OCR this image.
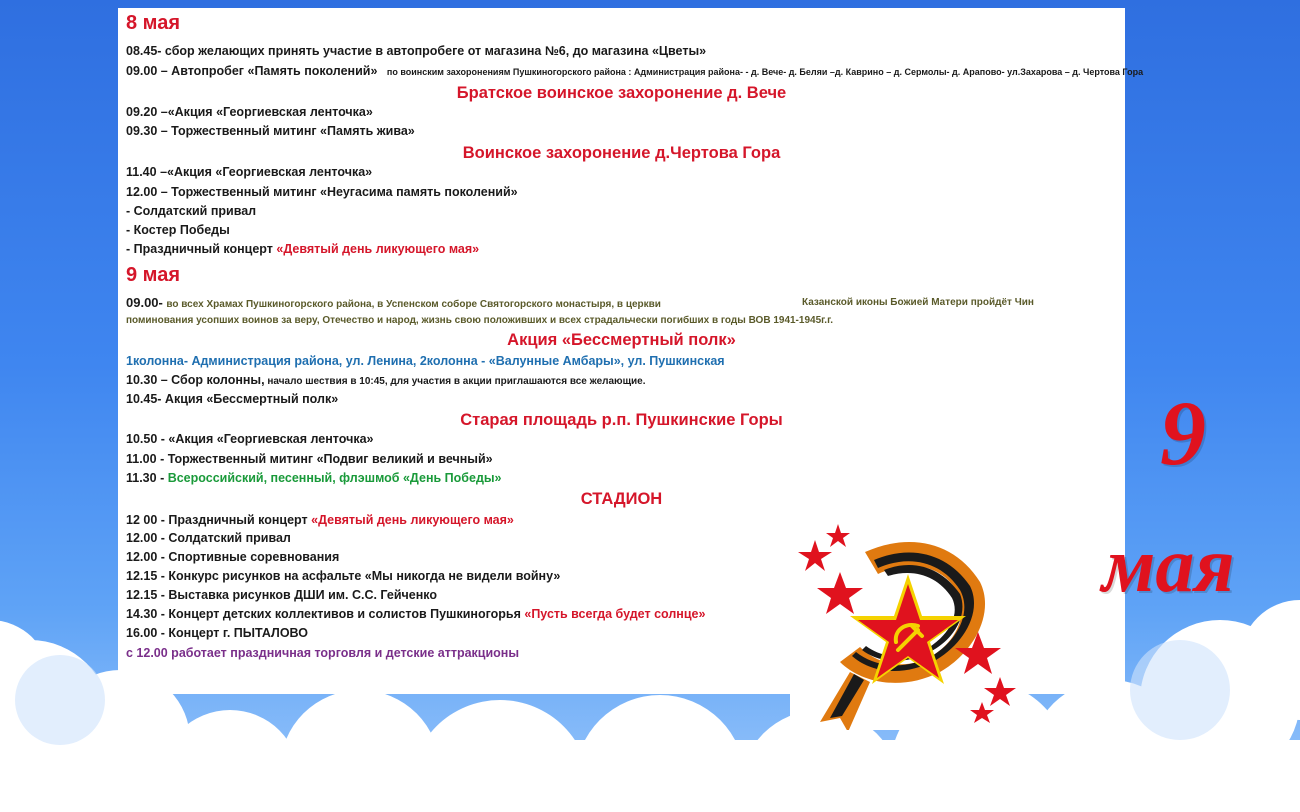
8 мая
08.45- сбор желающих принять участие в автопробеге от магазина №6, до магазина «Цветы»
09.00 – Автопробег «Память поколений» по воинским захоронениям Пушкиногорского района : Администрация района- - д. Вече- д. Беляи –д. Каврино – д. Сермолы- д. Арапово- ул.Захарова – д. Чертова Гора
Братское воинское захоронение д. Вече
09.20 –«Акция «Георгиевская ленточка»
09.30 – Торжественный митинг «Память жива»
Воинское захоронение д.Чертова Гора
11.40 –«Акция «Георгиевская ленточка»
12.00 – Торжественный митинг «Неугасима память поколений»
- Солдатский привал
- Костер Победы
- Праздничный концерт «Девятый день ликующего мая»
9 мая
09.00- во всех Храмах Пушкиногорского района, в Успенском соборе Святогорского монастыря, в церкви	Казанской иконы Божией Матери пройдёт Чин
поминования усопших воинов за веру, Отечество и народ, жизнь свою положивших и всех страдальчески погибших в годы ВОВ 1941-1945г.г.
Акция «Бессмертный полк»
1колонна- Администрация района, ул. Ленина, 2колонна - «Валунные Амбары», ул. Пушкинская
10.30 – Сбор колонны, начало шествия в 10:45, для участия в акции приглашаются все желающие.
10.45- Акция «Бессмертный полк»
Старая площадь р.п. Пушкинские Горы
10.50 - «Акция «Георгиевская ленточка»
11.00 - Торжественный митинг «Подвиг великий и вечный»
11.30 - Всероссийский, песенный, флэшмоб «День Победы»
СТАДИОН
12 00 - Праздничный концерт «Девятый день ликующего мая»
12.00 - Солдатский привал
12.00 - Спортивные соревнования
12.15 - Конкурс рисунков на асфальте «Мы никогда не видели войну»
12.15 - Выставка рисунков ДШИ им. С.С. Гейченко
14.30 - Концерт детских коллективов и солистов Пушкиногорья «Пусть всегда будет солнце»
16.00 - Концерт г. ПЫТАЛОВО
с 12.00 работает праздничная торговля и детские аттракционы
9
мая
